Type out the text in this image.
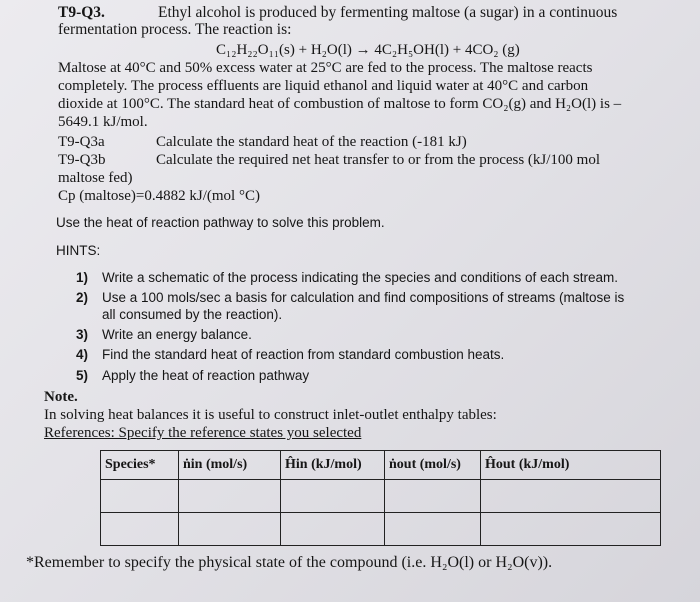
T9-Q3.	Ethyl alcohol is produced by fermenting maltose (a sugar) in a continuous
fermentation process. The reaction is:
C₁₂H₂₂O₁₁(s) + H₂O(l) → 4C₂H₅OH(l) + 4CO₂ (g)
Maltose at 40°C and 50% excess water at 25°C are fed to the process. The maltose reacts
completely. The process effluents are liquid ethanol and liquid water at 40°C and carbon
dioxide at 100°C. The standard heat of combustion of maltose to form CO₂(g) and H₂O(l) is –
5649.1 kJ/mol.
T9-Q3a	Calculate the standard heat of the reaction (-181 kJ)
T9-Q3b	Calculate the required net heat transfer to or from the process (kJ/100 mol
maltose fed)
Cp (maltose)=0.4882 kJ/(mol °C)
Use the heat of reaction pathway to solve this problem.
HINTS:
1) Write a schematic of the process indicating the species and conditions of each stream.
2) Use a 100 mols/sec a basis for calculation and find compositions of streams (maltose is
all consumed by the reaction).
3) Write an energy balance.
4) Find the standard heat of reaction from standard combustion heats.
5) Apply the heat of reaction pathway
Note.
In solving heat balances it is useful to construct inlet-outlet enthalpy tables:
References: Specify the reference states you selected
Species*	ṅin (mol/s)	Ĥin (kJ/mol)	ṅout (mol/s)	Ĥout (kJ/mol)

*Remember to specify the physical state of the compound (i.e. H₂O(l) or H₂O(v)).
